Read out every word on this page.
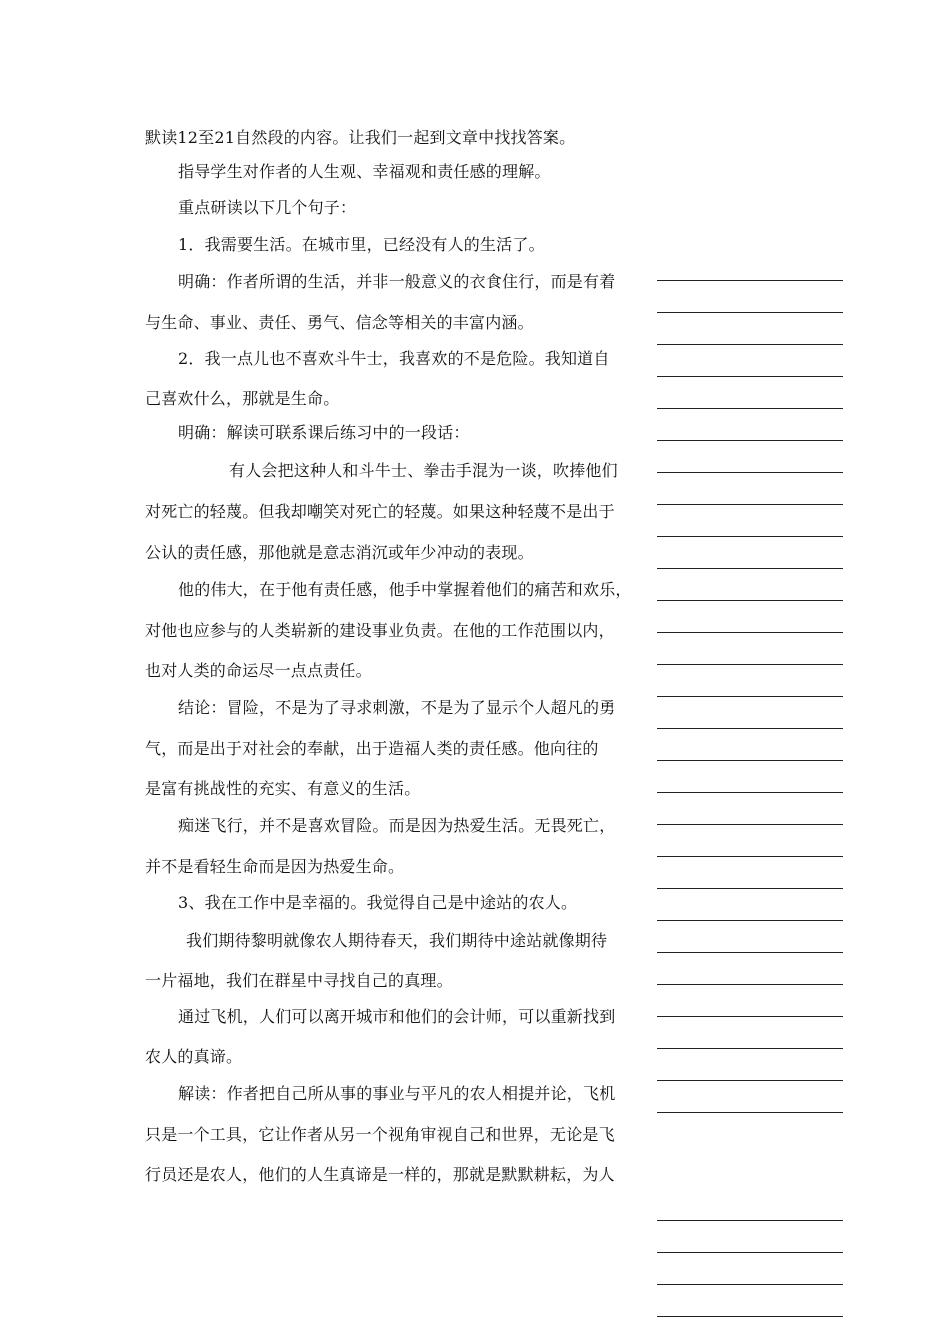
默读12至21自然段的内容。让我们一起到文章中找找答案。
指导学生对作者的人生观、幸福观和责任感的理解。
重点研读以下几个句子：
1．我需要生活。在城市里，已经没有人的生活了。
明确：作者所谓的生活，并非一般意义的衣食住行，而是有着
与生命、事业、责任、勇气、信念等相关的丰富内涵。
2．我一点儿也不喜欢斗牛士，我喜欢的不是危险。我知道自
己喜欢什么，那就是生命。
明确：解读可联系课后练习中的一段话：
有人会把这种人和斗牛士、拳击手混为一谈，吹捧他们
对死亡的轻蔑。但我却嘲笑对死亡的轻蔑。如果这种轻蔑不是出于
公认的责任感，那他就是意志消沉或年少冲动的表现。
他的伟大，在于他有责任感，他手中掌握着他们的痛苦和欢乐，
对他也应参与的人类崭新的建设事业负责。在他的工作范围以内，
也对人类的命运尽一点点责任。
结论：冒险，不是为了寻求刺激，不是为了显示个人超凡的勇
气，而是出于对社会的奉献，出于造福人类的责任感。他向往的
是富有挑战性的充实、有意义的生活。
痴迷飞行，并不是喜欢冒险。而是因为热爱生活。无畏死亡，
并不是看轻生命而是因为热爱生命。
3、我在工作中是幸福的。我觉得自己是中途站的农人。
我们期待黎明就像农人期待春天，我们期待中途站就像期待
一片福地，我们在群星中寻找自己的真理。
通过飞机，人们可以离开城市和他们的会计师，可以重新找到
农人的真谛。
解读：作者把自己所从事的事业与平凡的农人相提并论，飞机
只是一个工具，它让作者从另一个视角审视自己和世界，无论是飞
行员还是农人，他们的人生真谛是一样的，那就是默默耕耘，为人
